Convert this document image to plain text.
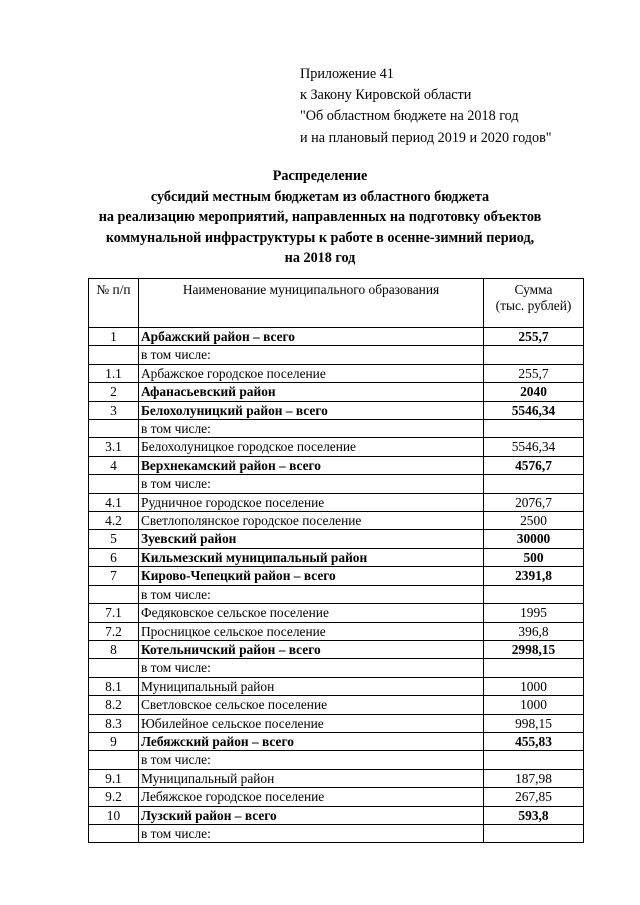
Приложение 41
к Закону Кировской области
"Об областном бюджете на 2018 год
и на плановый период 2019 и 2020 годов"
Распределение
субсидий местным бюджетам из областного бюджета
на реализацию мероприятий, направленных на подготовку объектов
коммунальной инфраструктуры к работе в осенне-зимний период,
на 2018 год
№ п/п	Наименование муниципального образования	Сумма
(тыс. рублей)

1	Арбажский район – всего	255,7
	в том числе:	
1.1	Арбажское городское поселение	255,7
2	Афанасьевский район	2040
3	Белохолуницкий район – всего	5546,34
	в том числе:	
3.1	Белохолуницкое городское поселение	5546,34
4	Верхнекамский район – всего	4576,7
	в том числе:	
4.1	Рудничное городское поселение	2076,7
4.2	Светлополянское городское поселение	2500
5	Зуевский район	30000
6	Кильмезский муниципальный район	500
7	Кирово-Чепецкий район – всего	2391,8
	в том числе:	
7.1	Федяковское сельское поселение	1995
7.2	Просницкое сельское поселение	396,8
8	Котельничский район – всего	2998,15
	в том числе:	
8.1	Муниципальный район	1000
8.2	Светловское сельское поселение	1000
8.3	Юбилейное сельское поселение	998,15
9	Лебяжский район – всего	455,83
	в том числе:	
9.1	Муниципальный район	187,98
9.2	Лебяжское городское поселение	267,85
10	Лузский район – всего	593,8
	в том числе:	
